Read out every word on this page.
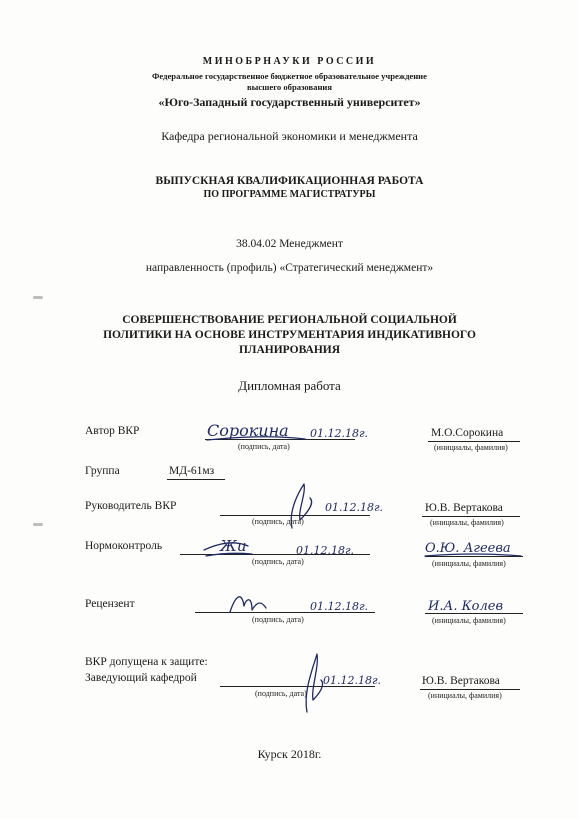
МИНОБРНАУКИ РОССИИ
Федеральное государственное бюджетное образовательное учреждение
высшего образования
«Юго-Западный государственный университет»
Кафедра региональной экономики и менеджмента
ВЫПУСКНАЯ КВАЛИФИКАЦИОННАЯ РАБОТА
ПО ПРОГРАММЕ МАГИСТРАТУРЫ
38.04.02 Менеджмент
направленность (профиль) «Стратегический менеджмент»
СОВЕРШЕНСТВОВАНИЕ РЕГИОНАЛЬНОЙ СОЦИАЛЬНОЙ
ПОЛИТИКИ НА ОСНОВЕ ИНСТРУМЕНТАРИЯ ИНДИКАТИВНОГО
ПЛАНИРОВАНИЯ
Дипломная работа
Автор ВКР	Сорокина 01.12.18г.
(подпись, дата)
М.О.Сорокина
(инициалы, фамилия)
Группа	МД-61мз
Руководитель ВКР	01.12.18г.
(подпись, дата)
Ю.В. Вертакова
(инициалы, фамилия)
Нормоконтроль	Жи	01.12.18г.
(подпись, дата)
О.Ю. Агеева
(инициалы, фамилия)
Рецензент	01.12.18г.
(подпись, дата)
И.А. Колев
(инициалы, фамилия)
ВКР допущена к защите:
Заведующий кафедрой	01.12.18г.
(подпись, дата)
Ю.В. Вертакова
(инициалы, фамилия)
Курск 2018г.
